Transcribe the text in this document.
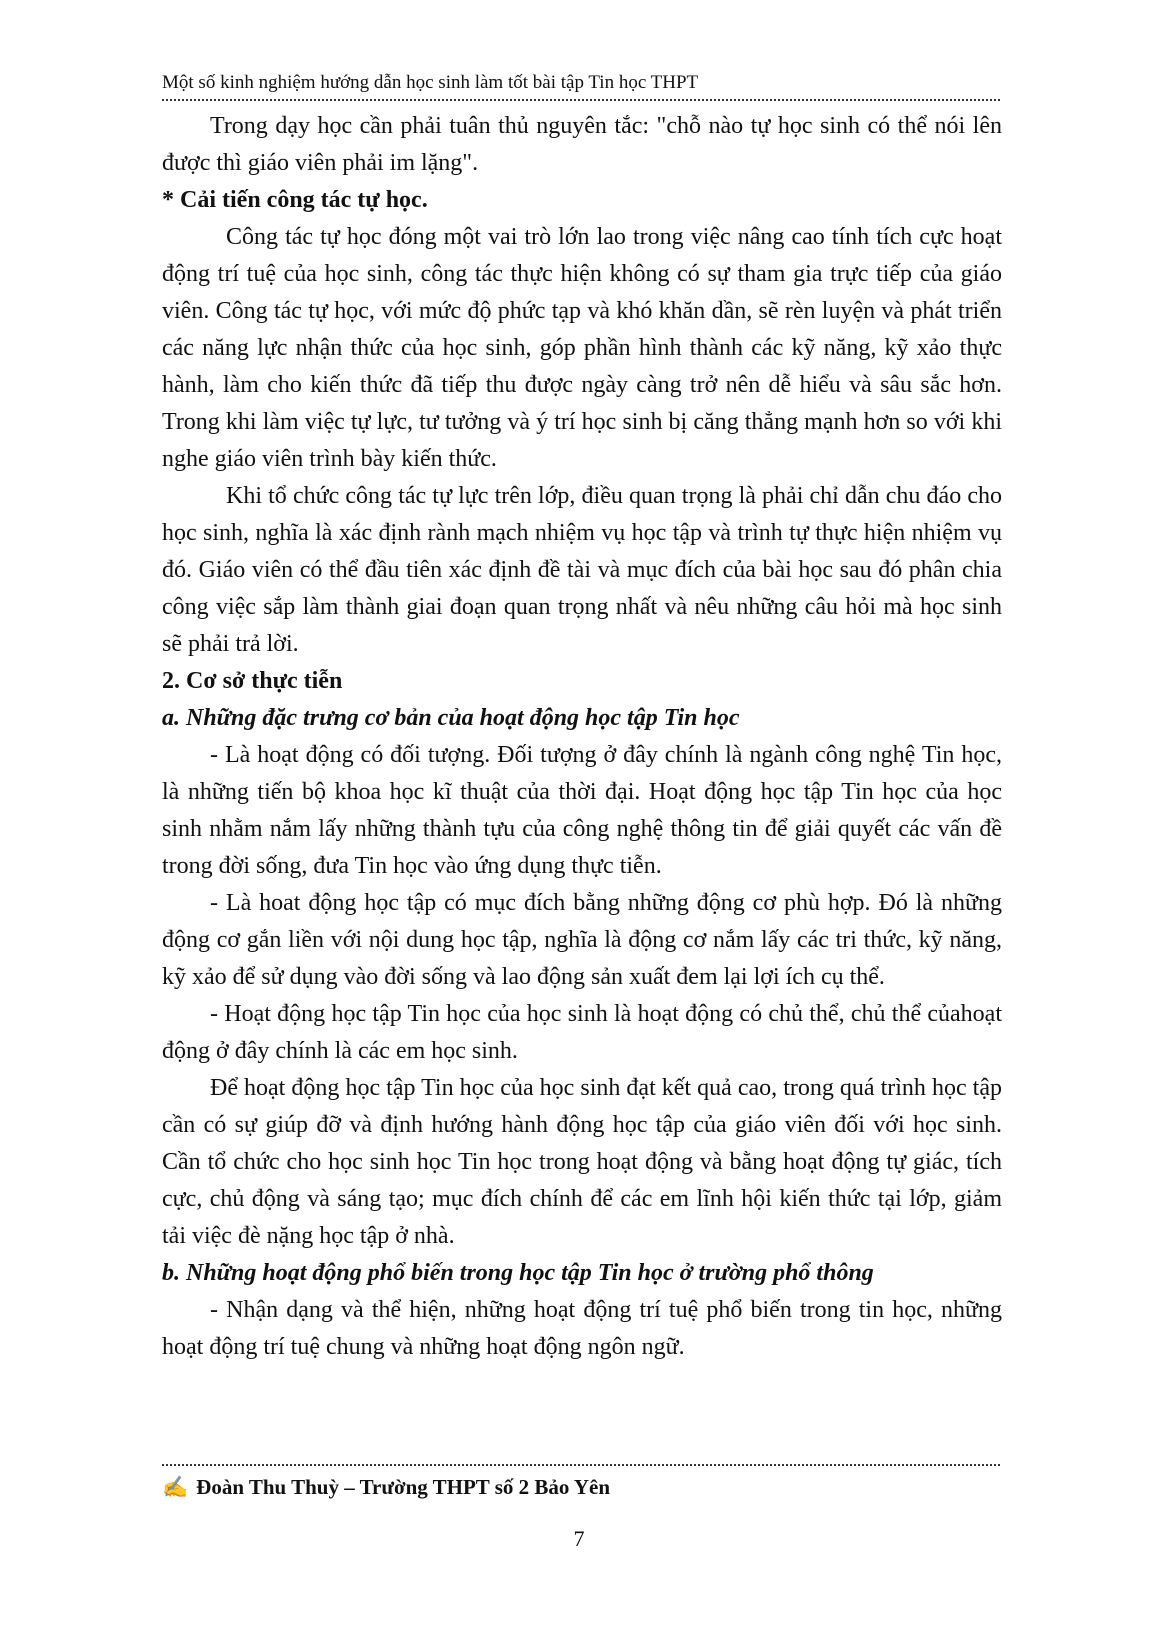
Một số kinh nghiệm hướng dẫn học sinh làm tốt bài tập Tin học THPT

Trong dạy học cần phải tuân thủ nguyên tắc: "chỗ nào tự học sinh có thể nói lên được thì giáo viên phải im lặng".

* Cải tiến công tác tự học.

Công tác tự học đóng một vai trò lớn lao trong việc nâng cao tính tích cực hoạt động trí tuệ của học sinh, công tác thực hiện không có sự tham gia trực tiếp của giáo viên. Công tác tự học, với mức độ phức tạp và khó khăn dần, sẽ rèn luyện và phát triển các năng lực nhận thức của học sinh, góp phần hình thành các kỹ năng, kỹ xảo thực hành, làm cho kiến thức đã tiếp thu được ngày càng trở nên dễ hiểu và sâu sắc hơn. Trong khi làm việc tự lực, tư tưởng và ý trí học sinh bị căng thẳng mạnh hơn so với khi nghe giáo viên trình bày kiến thức.

Khi tổ chức công tác tự lực trên lớp, điều quan trọng là phải chỉ dẫn chu đáo cho học sinh, nghĩa là xác định rành mạch nhiệm vụ học tập và trình tự thực hiện nhiệm vụ đó. Giáo viên có thể đầu tiên xác định đề tài và mục đích của bài học sau đó phân chia công việc sắp làm thành giai đoạn quan trọng nhất và nêu những câu hỏi mà học sinh sẽ phải trả lời.

2. Cơ sở thực tiễn
a. Những đặc trưng cơ bản của hoạt động học tập Tin học

- Là hoạt động có đối tượng. Đối tượng ở đây chính là ngành công nghệ Tin học, là những tiến bộ khoa học kĩ thuật của thời đại. Hoạt động học tập Tin học của học sinh nhằm nắm lấy những thành tựu của công nghệ thông tin để giải quyết các vấn đề trong đời sống, đưa Tin học vào ứng dụng thực tiễn.

- Là hoat động học tập có mục đích bằng những động cơ phù hợp. Đó là những động cơ gắn liền với nội dung học tập, nghĩa là động cơ nắm lấy các tri thức, kỹ năng, kỹ xảo để sử dụng vào đời sống và lao động sản xuất đem lại lợi ích cụ thể.

- Hoạt động học tập Tin học của học sinh là hoạt động có chủ thể, chủ thể củahoạt động ở đây chính là các em học sinh.

Để hoạt động học tập Tin học của học sinh đạt kết quả cao, trong quá trình học tập cần có sự giúp đỡ và định hướng hành động học tập của giáo viên đối với học sinh. Cần tổ chức cho học sinh học Tin học trong hoạt động và bằng hoạt động tự giác, tích cực, chủ động và sáng tạo; mục đích chính để các em lĩnh hội kiến thức tại lớp, giảm tải việc đè nặng học tập ở nhà.

b. Những hoạt động phổ biến trong học tập Tin học ở trường phổ thông

- Nhận dạng và thể hiện, những hoạt động trí tuệ phổ biến trong tin học, những hoạt động trí tuệ chung và những hoạt động ngôn ngữ.

✍ Đoàn Thu Thuỳ – Trường THPT số 2 Bảo Yên
7
